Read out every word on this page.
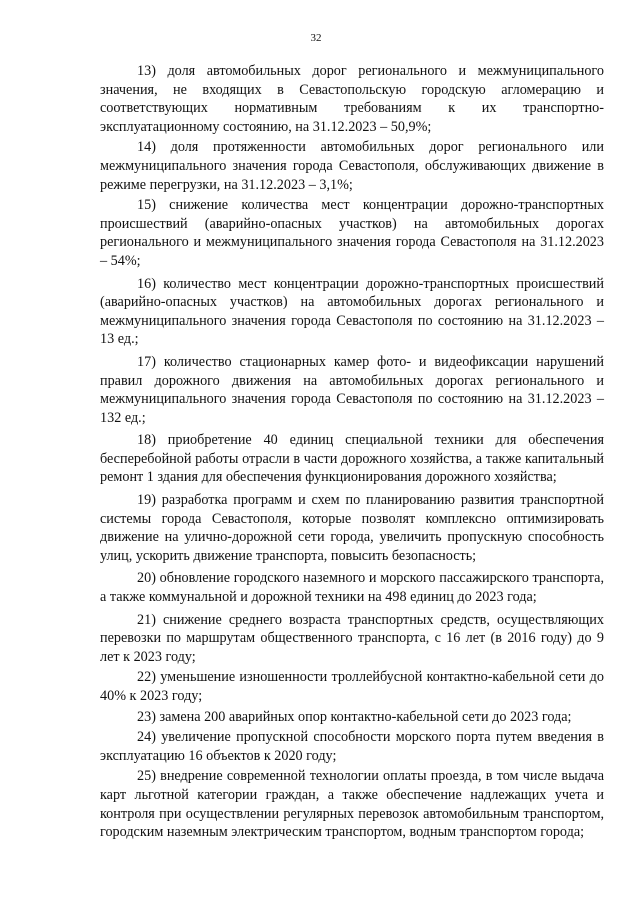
32

13) доля автомобильных дорог регионального и межмуниципального значения, не входящих в Севастопольскую городскую агломерацию и соответствующих нормативным требованиям к их транспортно-эксплуатационному состоянию, на 31.12.2023 – 50,9%;

14) доля протяженности автомобильных дорог регионального или межмуниципального значения города Севастополя, обслуживающих движение в режиме перегрузки, на 31.12.2023 – 3,1%;

15) снижение количества мест концентрации дорожно-транспортных происшествий (аварийно-опасных участков) на автомобильных дорогах регионального и межмуниципального значения города Севастополя на 31.12.2023 – 54%;

16) количество мест концентрации дорожно-транспортных происшествий (аварийно-опасных участков) на автомобильных дорогах регионального и межмуниципального значения города Севастополя по состоянию на 31.12.2023 – 13 ед.;

17) количество стационарных камер фото- и видеофиксации нарушений правил дорожного движения на автомобильных дорогах регионального и межмуниципального значения города Севастополя по состоянию на 31.12.2023 – 132 ед.;

18) приобретение 40 единиц специальной техники для обеспечения бесперебойной работы отрасли в части дорожного хозяйства, а также капитальный ремонт 1 здания для обеспечения функционирования дорожного хозяйства;

19) разработка программ и схем по планированию развития транспортной системы города Севастополя, которые позволят комплексно оптимизировать движение на улично-дорожной сети города, увеличить пропускную способность улиц, ускорить движение транспорта, повысить безопасность;

20) обновление городского наземного и морского пассажирского транспорта, а также коммунальной и дорожной техники на 498 единиц до 2023 года;

21) снижение среднего возраста транспортных средств, осуществляющих перевозки по маршрутам общественного транспорта, с 16 лет (в 2016 году) до 9 лет к 2023 году;

22) уменьшение изношенности троллейбусной контактно-кабельной сети до 40% к 2023 году;

23) замена 200 аварийных опор контактно-кабельной сети до 2023 года;

24) увеличение пропускной способности морского порта путем введения в эксплуатацию 16 объектов к 2020 году;

25) внедрение современной технологии оплаты проезда, в том числе выдача карт льготной категории граждан, а также обеспечение надлежащих учета и контроля при осуществлении регулярных перевозок автомобильным транспортом, городским наземным электрическим транспортом, водным транспортом города;
